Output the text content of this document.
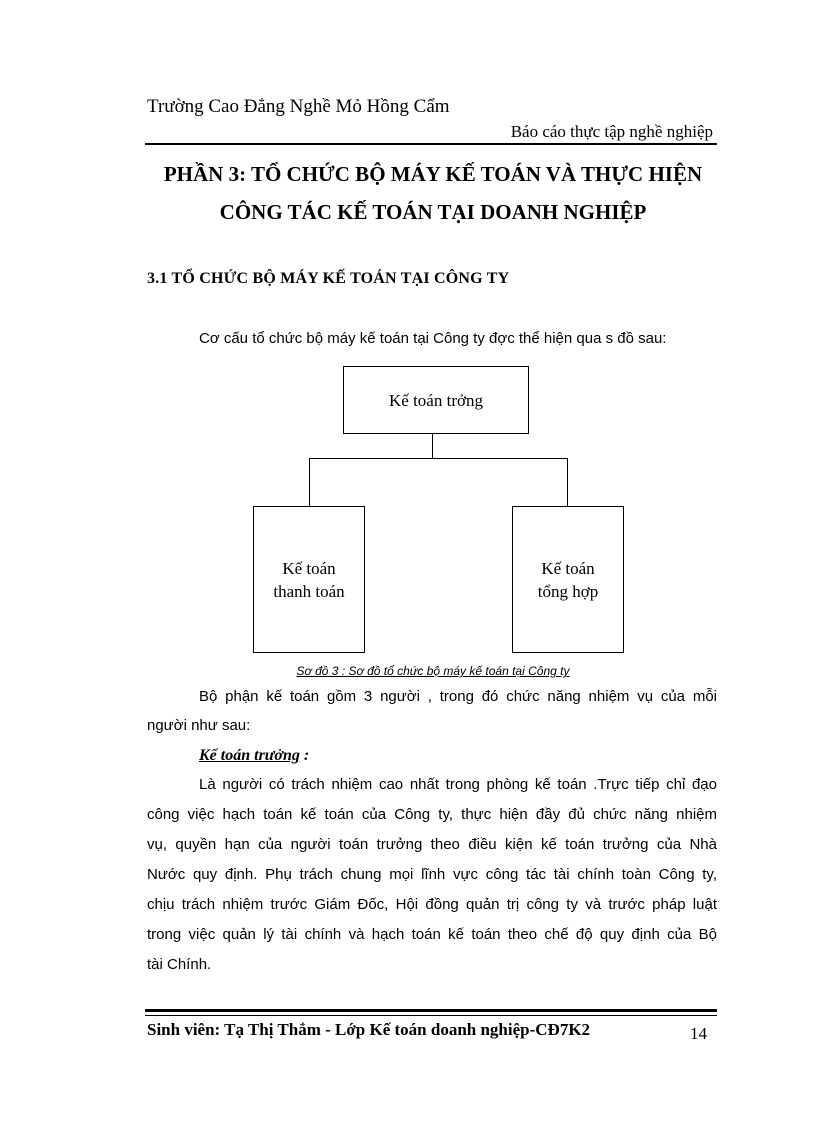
Trường Cao Đẳng Nghề Mỏ Hồng Cẩm
Báo cáo thực tập nghề nghiệp
PHẦN 3: TỔ CHỨC BỘ MÁY KẾ TOÁN VÀ THỰC HIỆN
CÔNG TÁC KẾ TOÁN TẠI DOANH NGHIỆP
3.1 TỔ CHỨC BỘ MÁY KẾ TOÁN TẠI CÔNG TY
Cơ cấu tổ chức bộ máy kế toán tại Công ty đợc thể hiện qua s đồ sau:
Kế toán trởng
Kế toán
thanh toán
Kế toán
tổng hợp
Sơ đồ 3 : Sơ đồ tổ chức bộ máy kế toán tại Công ty
Bộ phận kế toán gồm 3 người , trong đó chức năng nhiệm vụ của mỗi
người như sau:
Kế toán trưởng :
Là người có trách nhiệm cao nhất trong phòng kế toán .Trực tiếp chỉ đạo
công việc hạch toán kế toán của Công ty, thực hiện đầy đủ chức năng nhiệm
vụ, quyền hạn của người toán trưởng theo điều kiện kế toán trưởng của Nhà
Nước quy định. Phụ trách chung mọi lĩnh vực công tác tài chính toàn Công ty,
chịu trách nhiệm trước Giám Đốc, Hội đồng quản trị công ty và trước pháp luật
trong việc quản lý tài chính và hạch toán kế toán theo chế độ quy định của Bộ
tài Chính.
Sinh viên: Tạ Thị Thắm - Lớp Kế toán doanh nghiệp-CĐ7K2	14
